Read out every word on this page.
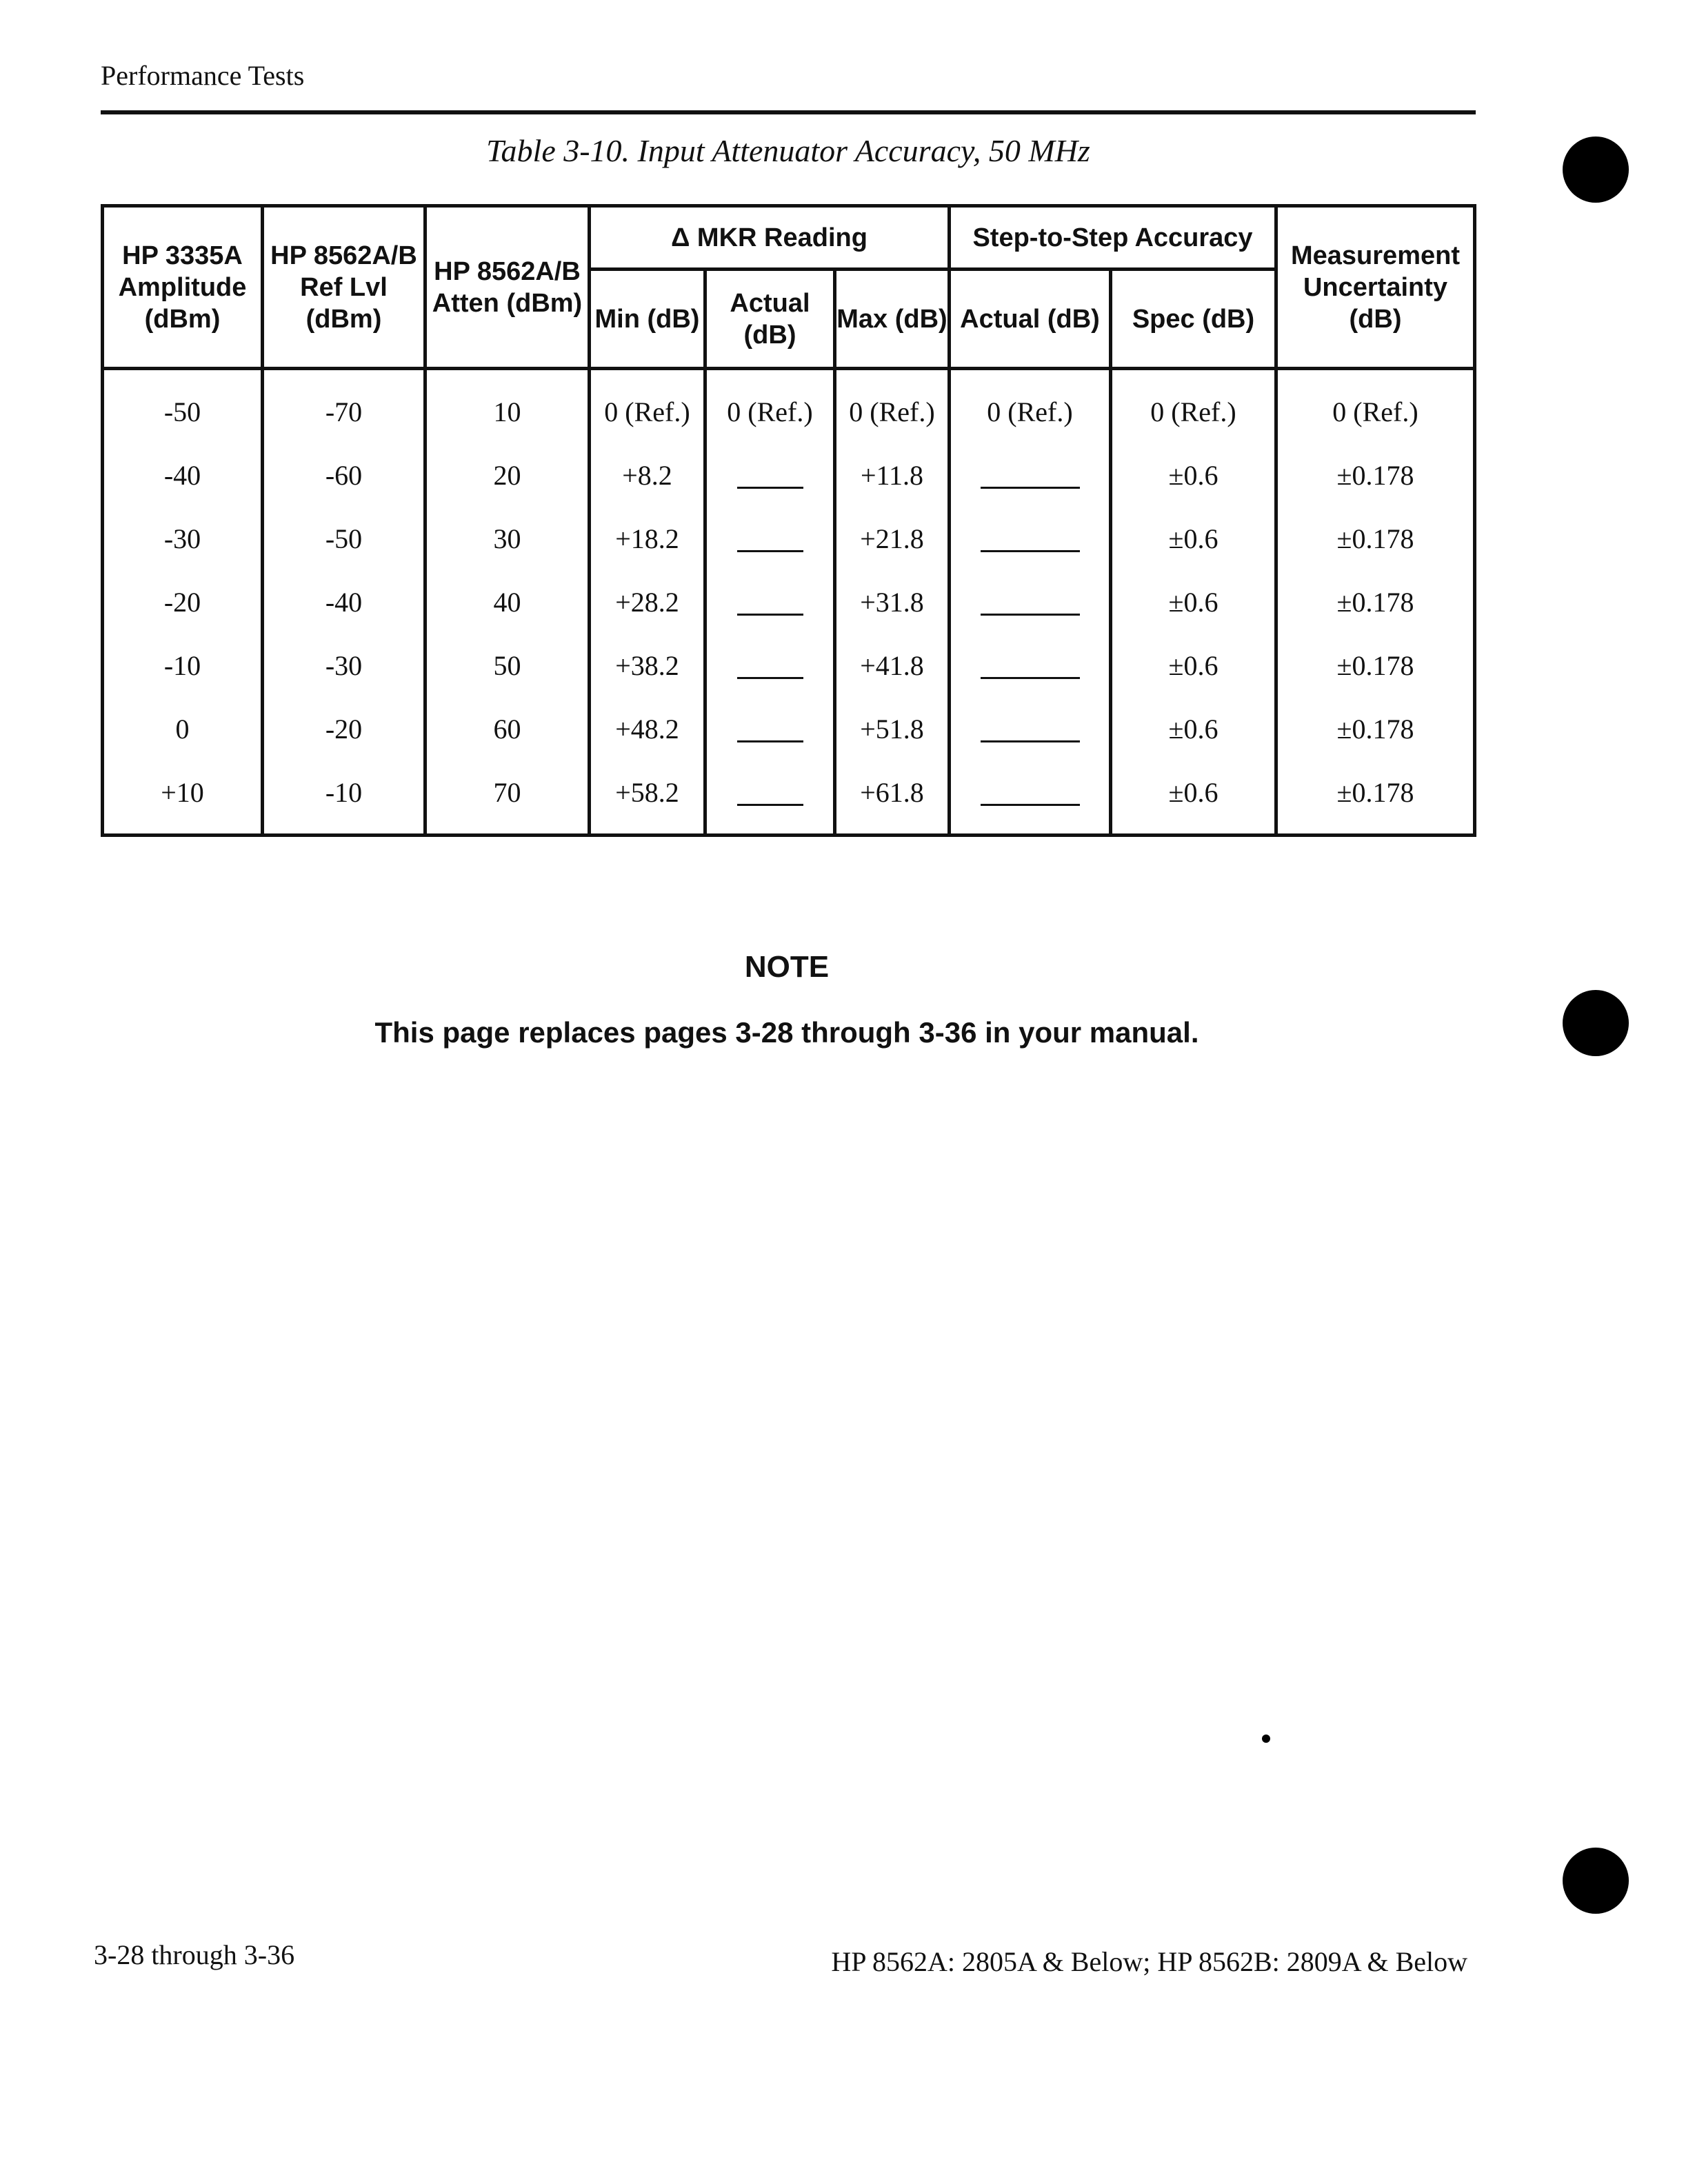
Performance Tests
Table 3-10. Input Attenuator Accuracy, 50 MHz
HP 3335A Amplitude (dBm)	HP 8562A/B Ref Lvl (dBm)	HP 8562A/B Atten (dBm)	Δ MKR Reading			Step-to-Step Accuracy		Measurement Uncertainty (dB)
			Min (dB)	Actual (dB)	Max (dB)	Actual (dB)	Spec (dB)	
-50	-70	10	0 (Ref.)	0 (Ref.)	0 (Ref.)	0 (Ref.)	0 (Ref.)	0 (Ref.)
-40	-60	20	+8.2		+11.8		±0.6	±0.178
-30	-50	30	+18.2		+21.8		±0.6	±0.178
-20	-40	40	+28.2		+31.8		±0.6	±0.178
-10	-30	50	+38.2		+41.8		±0.6	±0.178
0	-20	60	+48.2		+51.8		±0.6	±0.178
+10	-10	70	+58.2		+61.8		±0.6	±0.178
NOTE
This page replaces pages 3-28 through 3-36 in your manual.
3-28 through 3-36	HP 8562A: 2805A & Below; HP 8562B: 2809A & Below
